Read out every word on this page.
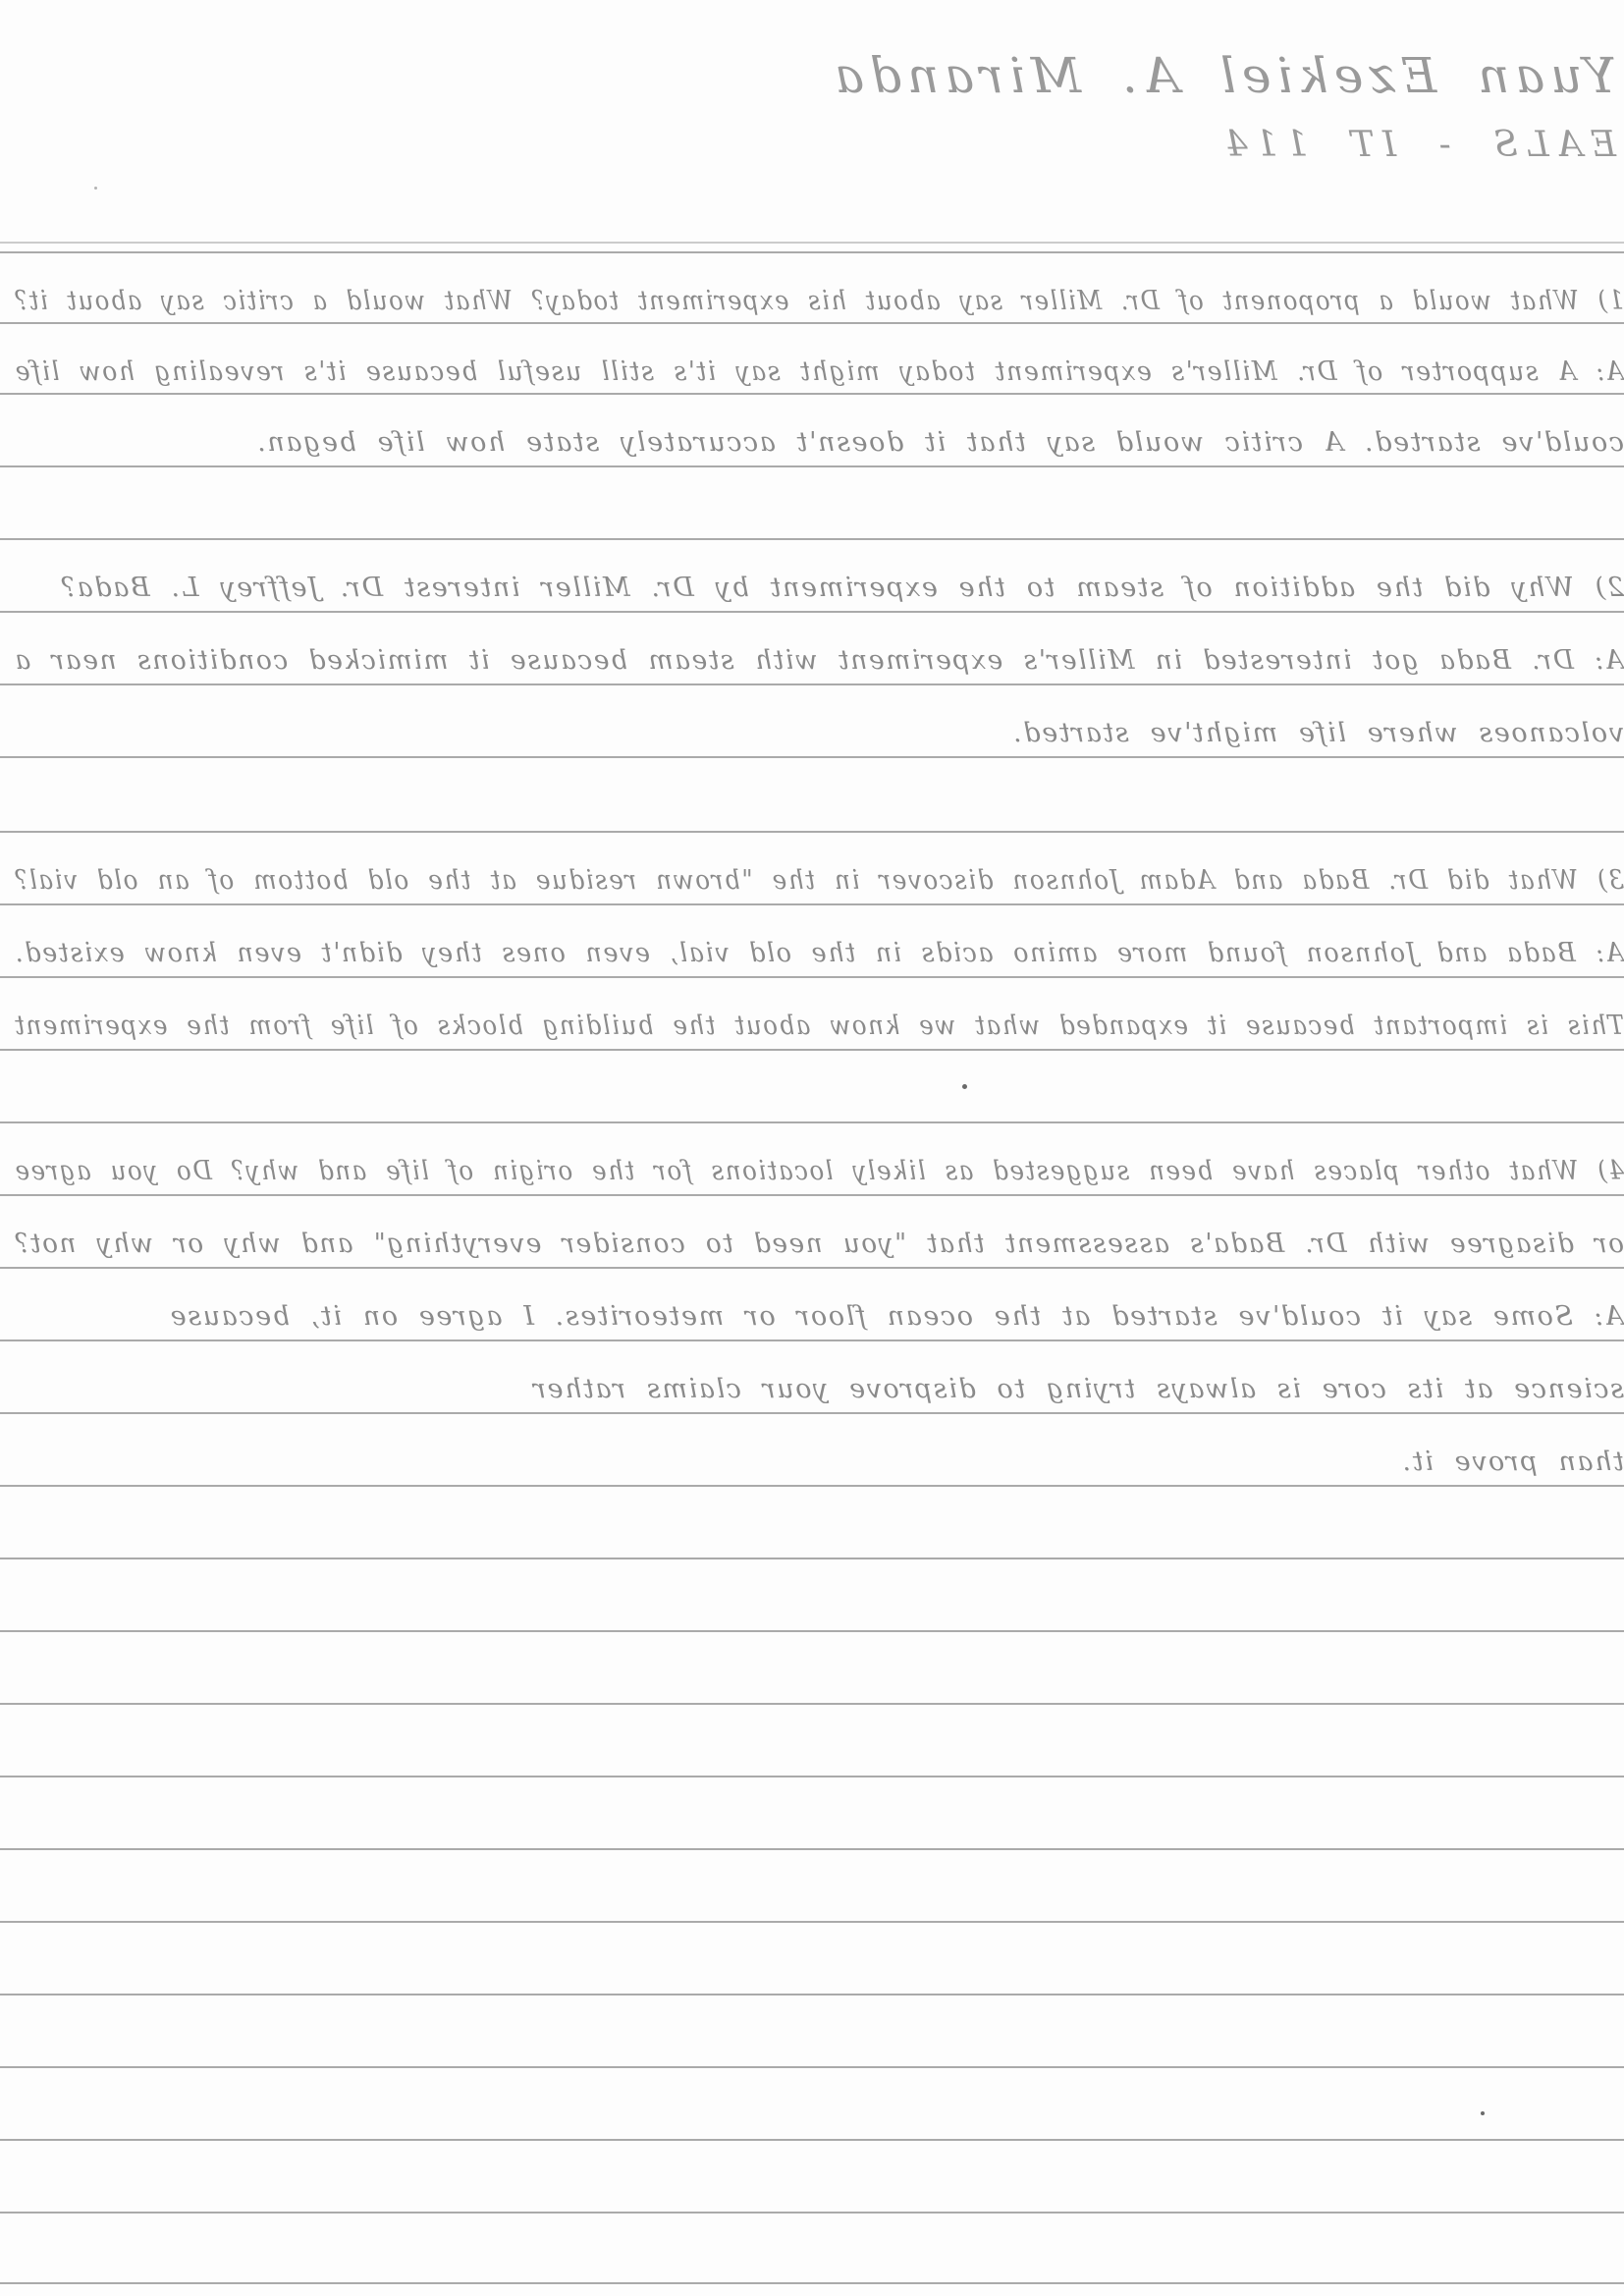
Yuan Ezekiel A. Miranda
EALS - IT 114
1) What would a proponent of Dr. Miller say about his experiment today? What would a critic say about it?
A: A supporter of Dr. Miller's experiment today might say it's still useful because it's revealing how life
could've started. A critic would say that it doesn't accurately state how life began.
2) Why did the addition of steam to the experiment by Dr. Miller interest Dr. Jeffrey L. Bada?
A: Dr. Bada got interested in Miller's experiment with steam because it mimicked conditions near a
volcanoes where life might've started.
3) What did Dr. Bada and Adam Johnson discover in the "brown residue at the old bottom of an old vial?
A: Bada and Johnson found more amino acids in the old vial, even ones they didn't even know existed.
This is important because it expanded what we know about the building blocks of life from the experiment
4) What other places have been suggested as likely locations for the origin of life and why? Do you agree
or disagree with Dr. Bada's assessment that "you need to consider everything" and why or why not?
A: Some say it could've started at the ocean floor or meteorites. I agree on it, because
science at its core is always trying to disprove your claims rather
than prove it.
